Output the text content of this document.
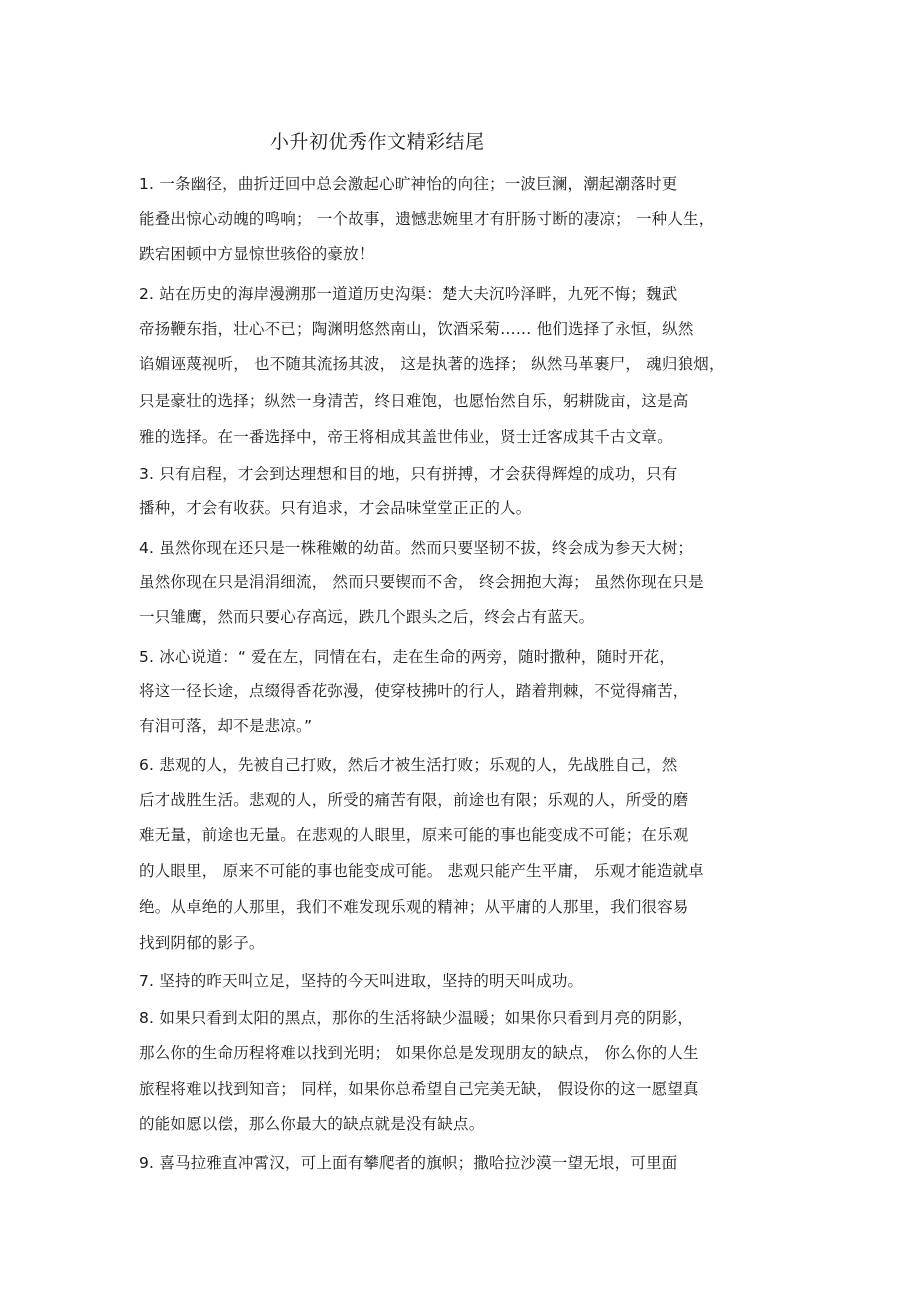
小升初优秀作文精彩结尾
1. 一条幽径，曲折迂回中总会激起心旷神怡的向往；一波巨澜，潮起潮落时更
能叠出惊心动魄的鸣响； 一个故事，遗憾悲婉里才有肝肠寸断的凄凉； 一种人生，
跌宕困顿中方显惊世骇俗的豪放！
2. 站在历史的海岸漫溯那一道道历史沟渠：楚大夫沉吟泽畔，九死不悔；魏武
帝扬鞭东指，壮心不已；陶渊明悠然南山，饮酒采菊…… 他们选择了永恒，纵然
谄媚诬蔑视听， 也不随其流扬其波， 这是执著的选择； 纵然马革裹尸， 魂归狼烟，
只是豪壮的选择；纵然一身清苦，终日难饱，也愿怡然自乐，躬耕陇亩，这是高
雅的选择。在一番选择中，帝王将相成其盖世伟业，贤士迁客成其千古文章。
3. 只有启程，才会到达理想和目的地，只有拼搏，才会获得辉煌的成功，只有
播种，才会有收获。只有追求，才会品味堂堂正正的人。
4. 虽然你现在还只是一株稚嫩的幼苗。然而只要坚韧不拔，终会成为参天大树；
虽然你现在只是涓涓细流， 然而只要锲而不舍， 终会拥抱大海； 虽然你现在只是
一只雏鹰，然而只要心存高远，跌几个跟头之后，终会占有蓝天。
5. 冰心说道：“ 爱在左，同情在右，走在生命的两旁，随时撒种，随时开花，
将这一径长途，点缀得香花弥漫，使穿枝拂叶的行人，踏着荆棘，不觉得痛苦，
有泪可落，却不是悲凉。”
6. 悲观的人，先被自己打败，然后才被生活打败；乐观的人，先战胜自己，然
后才战胜生活。悲观的人，所受的痛苦有限，前途也有限；乐观的人，所受的磨
难无量，前途也无量。在悲观的人眼里，原来可能的事也能变成不可能；在乐观
的人眼里， 原来不可能的事也能变成可能。 悲观只能产生平庸， 乐观才能造就卓
绝。从卓绝的人那里，我们不难发现乐观的精神；从平庸的人那里，我们很容易
找到阴郁的影子。
7. 坚持的昨天叫立足，坚持的今天叫进取，坚持的明天叫成功。
8. 如果只看到太阳的黑点，那你的生活将缺少温暖；如果你只看到月亮的阴影，
那么你的生命历程将难以找到光明； 如果你总是发现朋友的缺点， 你么你的人生
旅程将难以找到知音； 同样，如果你总希望自己完美无缺， 假设你的这一愿望真
的能如愿以偿，那么你最大的缺点就是没有缺点。
9. 喜马拉雅直冲霄汉，可上面有攀爬者的旗帜；撒哈拉沙漠一望无垠，可里面
